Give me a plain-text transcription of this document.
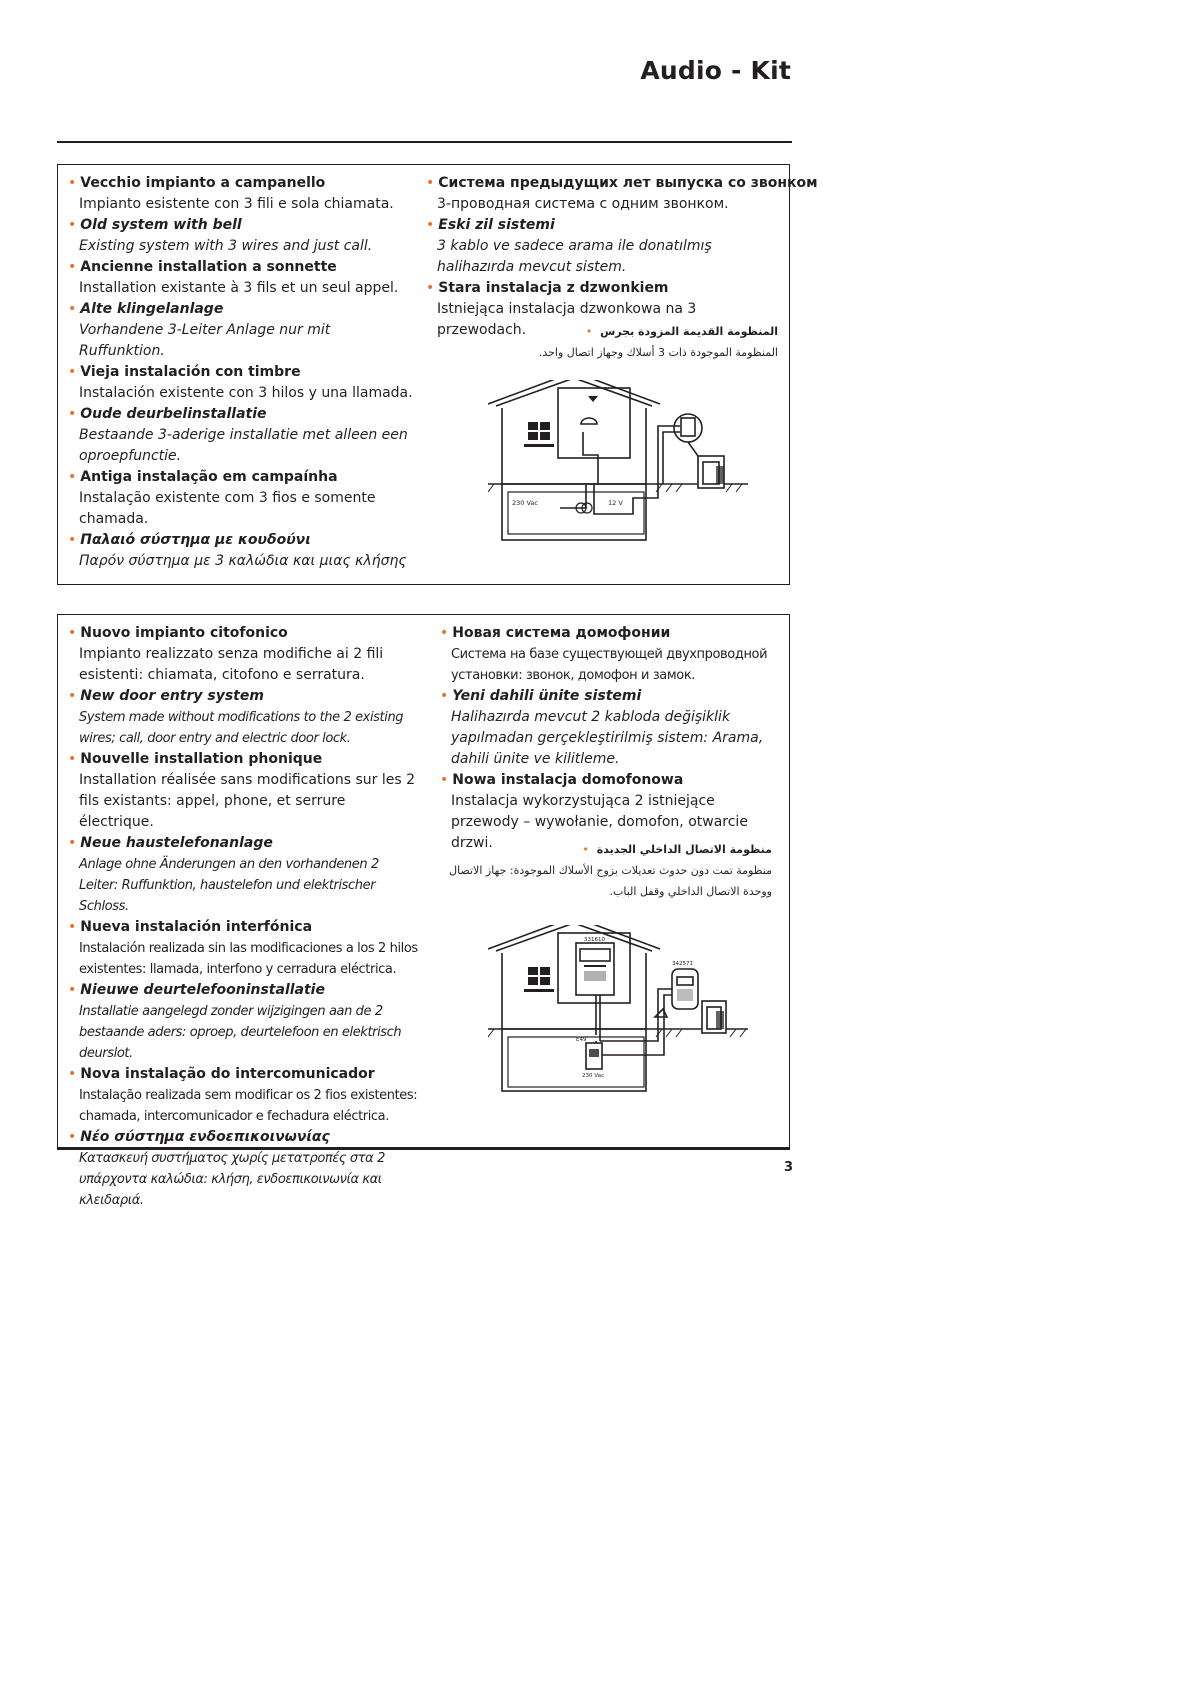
Audio - Kit
• Vecchio impianto a campanello
Impianto esistente con 3 fili e sola chiamata.
• Old system with bell
Existing system with 3 wires and just call.
• Ancienne installation a sonnette
Installation existante à 3 fils et un seul appel.
• Alte klingelanlage
Vorhandene 3-Leiter Anlage nur mit Ruffunktion.
• Vieja instalación con timbre
Instalación existente con 3 hilos y una llamada.
• Oude deurbelinstallatie
Bestaande 3-aderige installatie met alleen een oproepfunctie.
• Antiga instalação em campaínha
Instalação existente com 3 fios e somente chamada.
• Παλαιό σύστημα με κουδούνι
Παρόν σύστημα με 3 καλώδια και μιας κλήσης
• Система предыдущих лет выпуска со звонком
3-проводная система с одним звонком.
• Eski zil sistemi
3 kablo ve sadece arama ile donatılmış halihazırda mevcut sistem.
• Stara instalacja z dzwonkiem
Istniejąca instalacja dzwonkowa na 3 przewodach.	المنظومة القديمة المزودة بجرس •
المنظومة الموجودة ذات 3 أسلاك وجهاز اتصال واحد.
230 Vac	12 V
• Nuovo impianto citofonico
Impianto realizzato senza modifiche ai 2 fili esistenti: chiamata, citofono e serratura.
• New door entry system
System made without modifications to the 2 existing wires; call, door entry and electric door lock.
• Nouvelle installation phonique
Installation réalisée sans modifications sur les 2 fils existants: appel, phone, et serrure électrique.
• Neue haustelefonanlage
Anlage ohne Änderungen an den vorhandenen 2 Leiter: Ruffunktion, haustelefon und elektrischer Schloss.
• Nueva instalación interfónica
Instalación realizada sin las modificaciones a los 2 hilos existentes: llamada, interfono y cerradura eléctrica.
• Nieuwe deurtelefooninstallatie
Installatie aangelegd zonder wijzigingen aan de 2 bestaande aders: oproep, deurtelefoon en elektrisch deurslot.
• Nova instalação do intercomunicador
Instalação realizada sem modificar os 2 fios existentes: chamada, intercomunicador e fechadura eléctrica.
• Νέο σύστημα ενδοεπικοινωνίας
Κατασκευή συστήματος χωρίς μετατροπές στα 2 υπάρχοντα καλώδια: κλήση, ενδοεπικοινωνία και κλειδαριά.
• Новая система домофонии
Система на базе существующей двухпроводной установки: звонок, домофон и замок.
• Yeni dahili ünite sistemi
Halihazırda mevcut 2 kabloda değişiklik yapılmadan gerçekleştirilmiş sistem: Arama, dahili ünite ve kilitleme.
• Nowa instalacja domofonowa
Instalacja wykorzystująca 2 istniejące przewody – wywołanie, domofon, otwarcie drzwi.	منظومة الاتصال الداخلي الجديدة •
منظومة تمت دون حدوث تعديلات بزوج الأسلاك الموجودة: جهاز الاتصال ووحدة الاتصال الداخلي وقفل الباب.
331610
342571
E49
230 Vac
3
